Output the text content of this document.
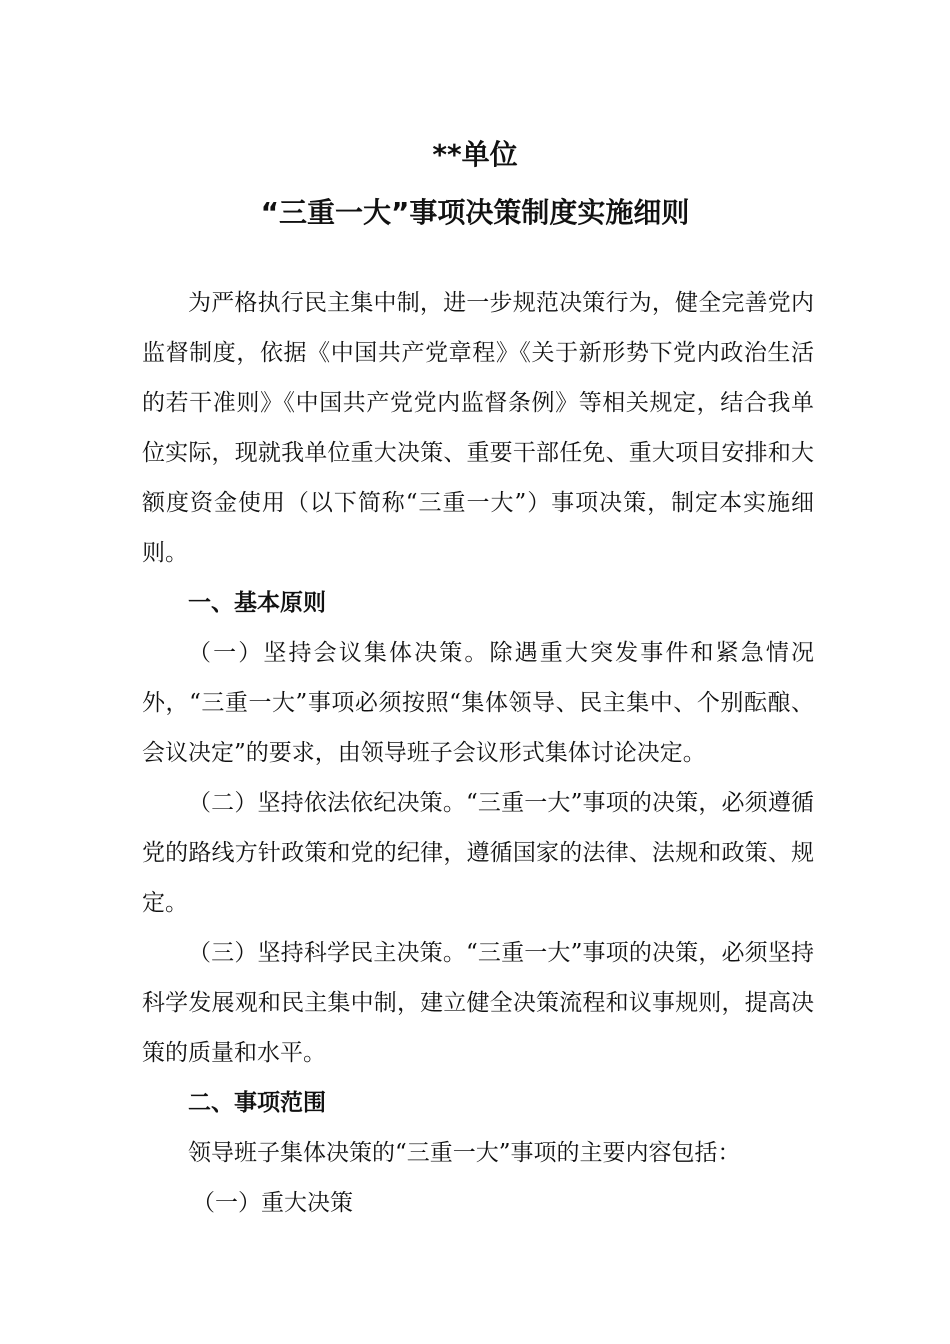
**单位
“三重一大”事项决策制度实施细则

为严格执行民主集中制，进一步规范决策行为，健全完善党内监督制度，依据《中国共产党章程》《关于新形势下党内政治生活的若干准则》《中国共产党党内监督条例》等相关规定，结合我单位实际，现就我单位重大决策、重要干部任免、重大项目安排和大额度资金使用（以下简称“三重一大”）事项决策，制定本实施细则。

一、基本原则

（一）坚持会议集体决策。除遇重大突发事件和紧急情况外，“三重一大”事项必须按照“集体领导、民主集中、个别酝酿、会议决定”的要求，由领导班子会议形式集体讨论决定。

（二）坚持依法依纪决策。“三重一大”事项的决策，必须遵循党的路线方针政策和党的纪律，遵循国家的法律、法规和政策、规定。

（三）坚持科学民主决策。“三重一大”事项的决策，必须坚持科学发展观和民主集中制，建立健全决策流程和议事规则，提高决策的质量和水平。

二、事项范围

领导班子集体决策的“三重一大”事项的主要内容包括：

（一）重大决策
